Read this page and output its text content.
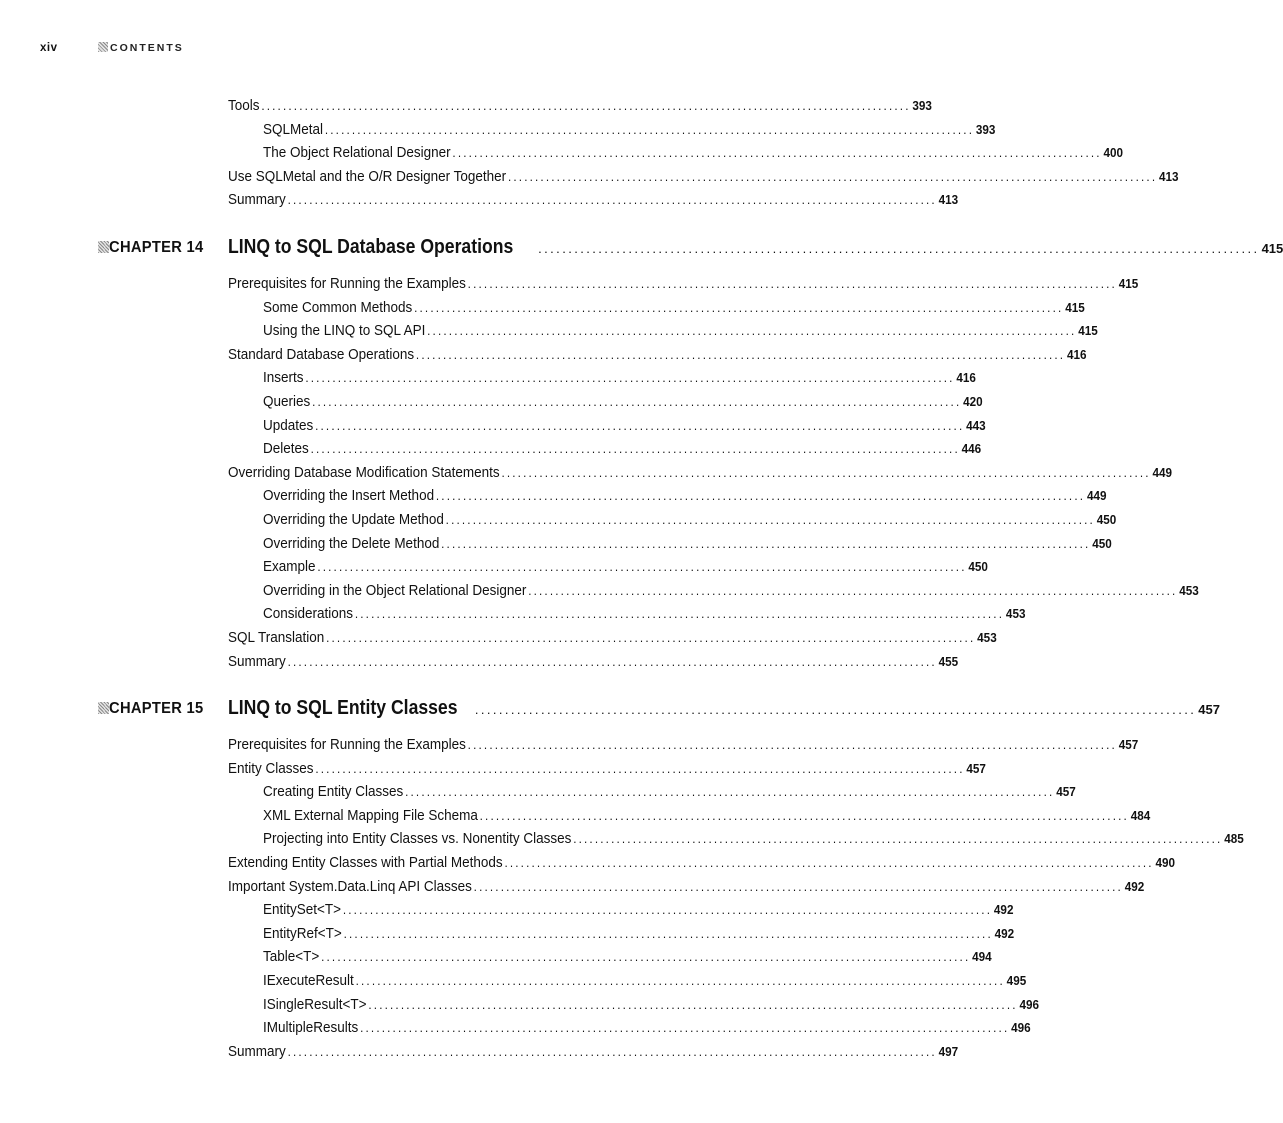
xiv	CONTENTS
Tools ........................................................................................................................ 393
SQLMetal ........................................................................................................................ 393
The Object Relational Designer ........................................................................................................................ 400
Use SQLMetal and the O/R Designer Together ........................................................................................................................ 413
Summary ........................................................................................................................ 413
CHAPTER 14 LINQ to SQL Database Operations ........................................................................................................................ 415
Prerequisites for Running the Examples ........................................................................................................................ 415
Some Common Methods ........................................................................................................................ 415
Using the LINQ to SQL API ........................................................................................................................ 415
Standard Database Operations ........................................................................................................................ 416
Inserts ........................................................................................................................ 416
Queries ........................................................................................................................ 420
Updates ........................................................................................................................ 443
Deletes ........................................................................................................................ 446
Overriding Database Modification Statements ........................................................................................................................ 449
Overriding the Insert Method ........................................................................................................................ 449
Overriding the Update Method ........................................................................................................................ 450
Overriding the Delete Method ........................................................................................................................ 450
Example ........................................................................................................................ 450
Overriding in the Object Relational Designer ........................................................................................................................ 453
Considerations ........................................................................................................................ 453
SQL Translation ........................................................................................................................ 453
Summary ........................................................................................................................ 455
CHAPTER 15 LINQ to SQL Entity Classes ........................................................................................................................ 457
Prerequisites for Running the Examples ........................................................................................................................ 457
Entity Classes ........................................................................................................................ 457
Creating Entity Classes ........................................................................................................................ 457
XML External Mapping File Schema ........................................................................................................................ 484
Projecting into Entity Classes vs. Nonentity Classes ........................................................................................................................ 485
Extending Entity Classes with Partial Methods ........................................................................................................................ 490
Important System.Data.Linq API Classes ........................................................................................................................ 492
EntitySet<T> ........................................................................................................................ 492
EntityRef<T> ........................................................................................................................ 492
Table<T> ........................................................................................................................ 494
IExecuteResult ........................................................................................................................ 495
ISingleResult<T> ........................................................................................................................ 496
IMultipleResults ........................................................................................................................ 496
Summary ........................................................................................................................ 497
